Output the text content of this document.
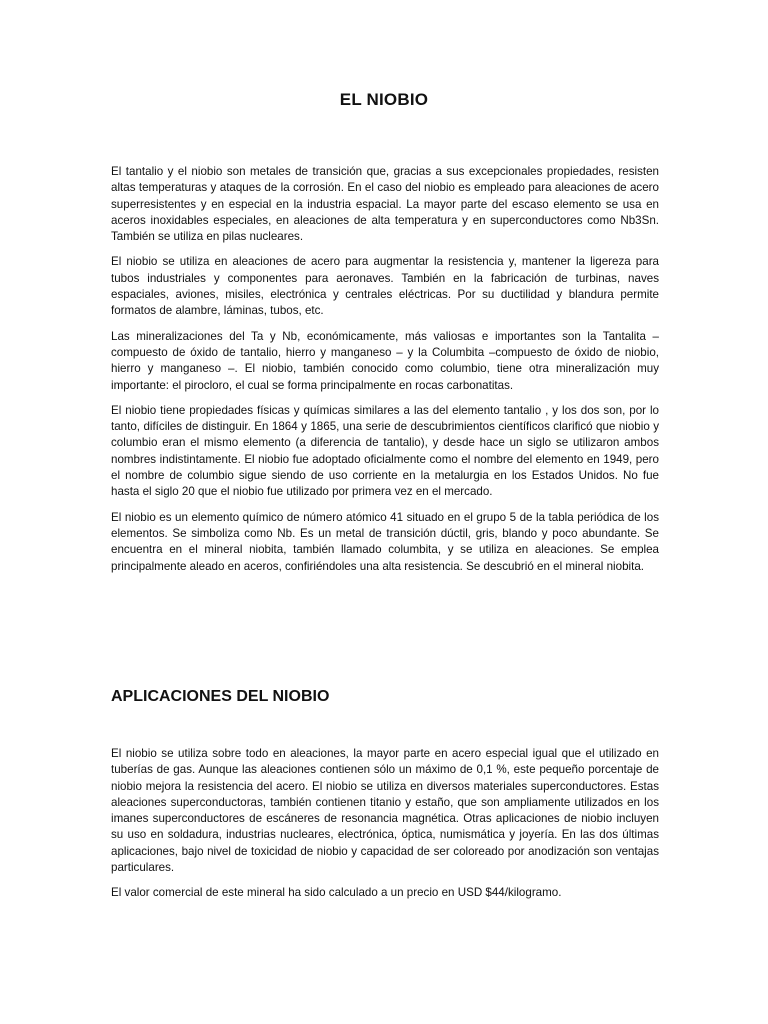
EL NIOBIO

El tantalio y el niobio son metales de transición que, gracias a sus excepcionales propiedades, resisten altas temperaturas y ataques de la corrosión. En el caso del niobio es empleado para aleaciones de acero superresistentes y en especial en la industria espacial. La mayor parte del escaso elemento se usa en aceros inoxidables especiales, en aleaciones de alta temperatura y en superconductores como Nb3Sn. También se utiliza en pilas nucleares.

El niobio se utiliza en aleaciones de acero para augmentar la resistencia y, mantener la ligereza para tubos industriales y componentes para aeronaves. También en la fabricación de turbinas, naves espaciales, aviones, misiles, electrónica y centrales eléctricas. Por su ductilidad y blandura permite formatos de alambre, láminas, tubos, etc.

Las mineralizaciones del Ta y Nb, económicamente, más valiosas e importantes son la Tantalita –compuesto de óxido de tantalio, hierro y manganeso – y la Columbita –compuesto de óxido de niobio, hierro y manganeso –. El niobio, también conocido como columbio, tiene otra mineralización muy importante: el pirocloro, el cual se forma principalmente en rocas carbonatitas.

El niobio tiene propiedades físicas y químicas similares a las del elemento tantalio , y los dos son, por lo tanto, difíciles de distinguir. En 1864 y 1865, una serie de descubrimientos científicos clarificó que niobio y columbio eran el mismo elemento (a diferencia de tantalio), y desde hace un siglo se utilizaron ambos nombres indistintamente. El niobio fue adoptado oficialmente como el nombre del elemento en 1949, pero el nombre de columbio sigue siendo de uso corriente en la metalurgia en los Estados Unidos. No fue hasta el siglo 20 que el niobio fue utilizado por primera vez en el mercado.

El niobio es un elemento químico de número atómico 41 situado en el grupo 5 de la tabla periódica de los elementos. Se simboliza como Nb. Es un metal de transición dúctil, gris, blando y poco abundante. Se encuentra en el mineral niobita, también llamado columbita, y se utiliza en aleaciones. Se emplea principalmente aleado en aceros, confiriéndoles una alta resistencia. Se descubrió en el mineral niobita.

APLICACIONES DEL NIOBIO

El niobio se utiliza sobre todo en aleaciones, la mayor parte en acero especial igual que el utilizado en tuberías de gas. Aunque las aleaciones contienen sólo un máximo de 0,1 %, este pequeño porcentaje de niobio mejora la resistencia del acero. El niobio se utiliza en diversos materiales superconductores. Estas aleaciones superconductoras, también contienen titanio y estaño, que son ampliamente utilizados en los imanes superconductores de escáneres de resonancia magnética. Otras aplicaciones de niobio incluyen su uso en soldadura, industrias nucleares, electrónica, óptica, numismática y joyería. En las dos últimas aplicaciones, bajo nivel de toxicidad de niobio y capacidad de ser coloreado por anodización son ventajas particulares.

El valor comercial de este mineral ha sido calculado a un precio en USD $44/kilogramo.
